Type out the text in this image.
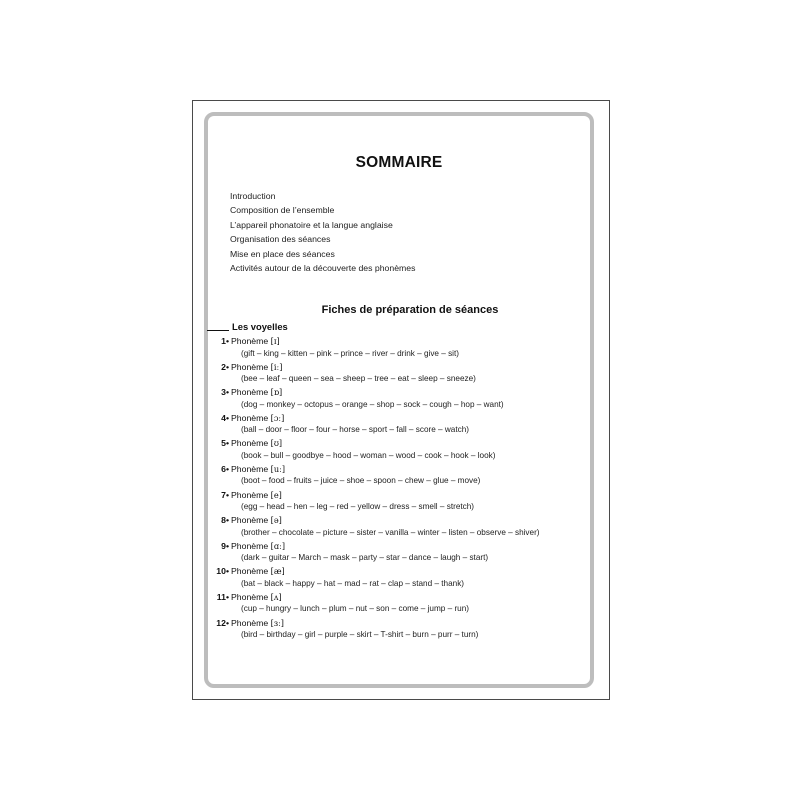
SOMMAIRE
Introduction
Composition de l’ensemble
L’appareil phonatoire et la langue anglaise
Organisation des séances
Mise en place des séances
Activités autour de la découverte des phonèmes
Fiches de préparation de séances
Les voyelles
1• Phonème [ɪ]
(gift – king – kitten – pink – prince – river – drink – give – sit)
2• Phonème [iː]
(bee – leaf – queen – sea – sheep – tree – eat – sleep – sneeze)
3• Phonème [ɒ]
(dog – monkey – octopus – orange – shop – sock – cough – hop – want)
4• Phonème [ɔː]
(ball – door – floor – four – horse – sport – fall – score – watch)
5• Phonème [ʊ]
(book – bull – goodbye – hood – woman – wood – cook – hook – look)
6• Phonème [uː]
(boot – food – fruits – juice – shoe – spoon – chew – glue – move)
7• Phonème [e]
(egg – head – hen – leg – red – yellow – dress – smell – stretch)
8• Phonème [ə]
(brother – chocolate – picture – sister – vanilla – winter – listen – observe – shiver)
9• Phonème [ɑː]
(dark – guitar – March – mask – party – star – dance – laugh – start)
10• Phonème [æ]
(bat – black – happy – hat – mad – rat – clap – stand – thank)
11• Phonème [ʌ]
(cup – hungry – lunch – plum – nut – son – come – jump – run)
12• Phonème [ɜː]
(bird – birthday – girl – purple – skirt – T-shirt – burn – purr – turn)
